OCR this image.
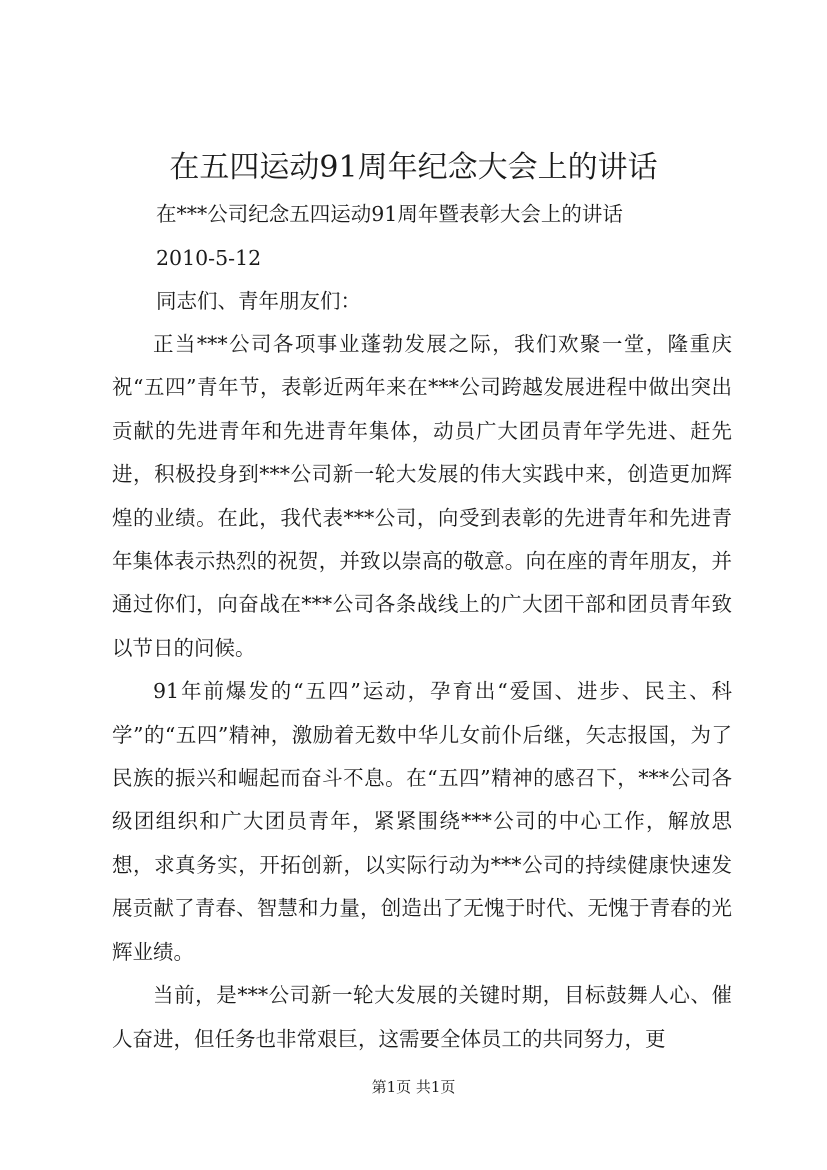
在五四运动91周年纪念大会上的讲话

在***公司纪念五四运动91周年暨表彰大会上的讲话

2010-5-12

同志们、青年朋友们：

正当***公司各项事业蓬勃发展之际，我们欢聚一堂，隆重庆祝“五四”青年节，表彰近两年来在***公司跨越发展进程中做出突出贡献的先进青年和先进青年集体，动员广大团员青年学先进、赶先进，积极投身到***公司新一轮大发展的伟大实践中来，创造更加辉煌的业绩。在此，我代表***公司，向受到表彰的先进青年和先进青年集体表示热烈的祝贺，并致以崇高的敬意。向在座的青年朋友，并通过你们，向奋战在***公司各条战线上的广大团干部和团员青年致以节日的问候。

91年前爆发的“五四”运动，孕育出“爱国、进步、民主、科学”的“五四”精神，激励着无数中华儿女前仆后继，矢志报国，为了民族的振兴和崛起而奋斗不息。在“五四”精神的感召下，***公司各级团组织和广大团员青年，紧紧围绕***公司的中心工作，解放思想，求真务实，开拓创新，以实际行动为***公司的持续健康快速发展贡献了青春、智慧和力量，创造出了无愧于时代、无愧于青春的光辉业绩。

当前，是***公司新一轮大发展的关键时期，目标鼓舞人心、催人奋进，但任务也非常艰巨，这需要全体员工的共同努力，更

第1页 共1页
